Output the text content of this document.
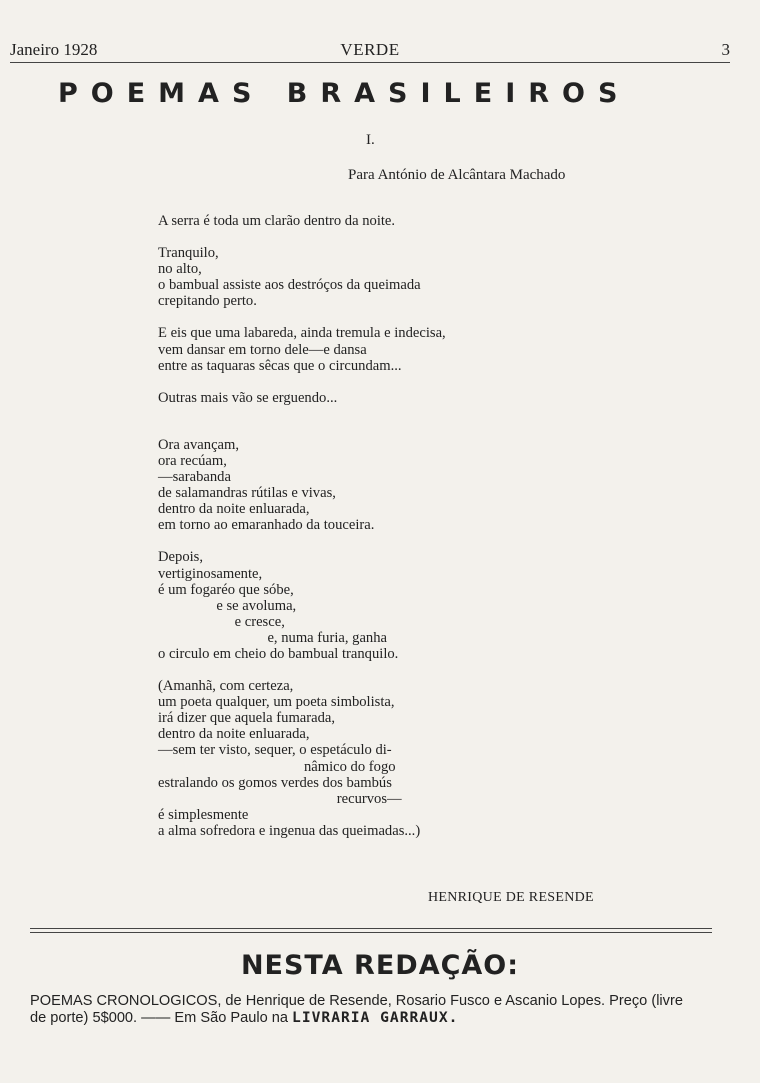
Janeiro 1928	VERDE	3
POEMAS BRASILEIROS
I.
Para António de Alcântara Machado
A serra é toda um clarão dentro da noite.
Tranquilo,
no alto,
o bambual assiste aos destróços da queimada
crepitando perto.
E eis que uma labareda, ainda tremula e indecisa,
vem dansar em torno dele—e dansa
entre as taquaras sêcas que o circundam...
Outras mais vão se erguendo...
Ora avançam,
ora recúam,
—sarabanda
de salamandras rútilas e vivas,
dentro da noite enluarada,
em torno ao emaranhado da touceira.
Depois,
vertiginosamente,
é um fogaréo que sóbe,
e se avoluma,
e cresce,
e, numa furia, ganha
o circulo em cheio do bambual tranquilo.
(Amanhã, com certeza,
um poeta qualquer, um poeta simbolista,
irá dizer que aquela fumarada,
dentro da noite enluarada,
—sem ter visto, sequer, o espetáculo di-
nâmico do fogo
estralando os gomos verdes dos bambús
recurvos—
é simplesmente
a alma sofredora e ingenua das queimadas...)
HENRIQUE DE RESENDE
NESTA REDAÇÃO:
POEMAS CRONOLOGICOS, de Henrique de Resende, Rosario Fusco e Ascanio Lopes. Preço (livre de porte) 5$000. —— Em São Paulo na LIVRARIA GARRAUX.
